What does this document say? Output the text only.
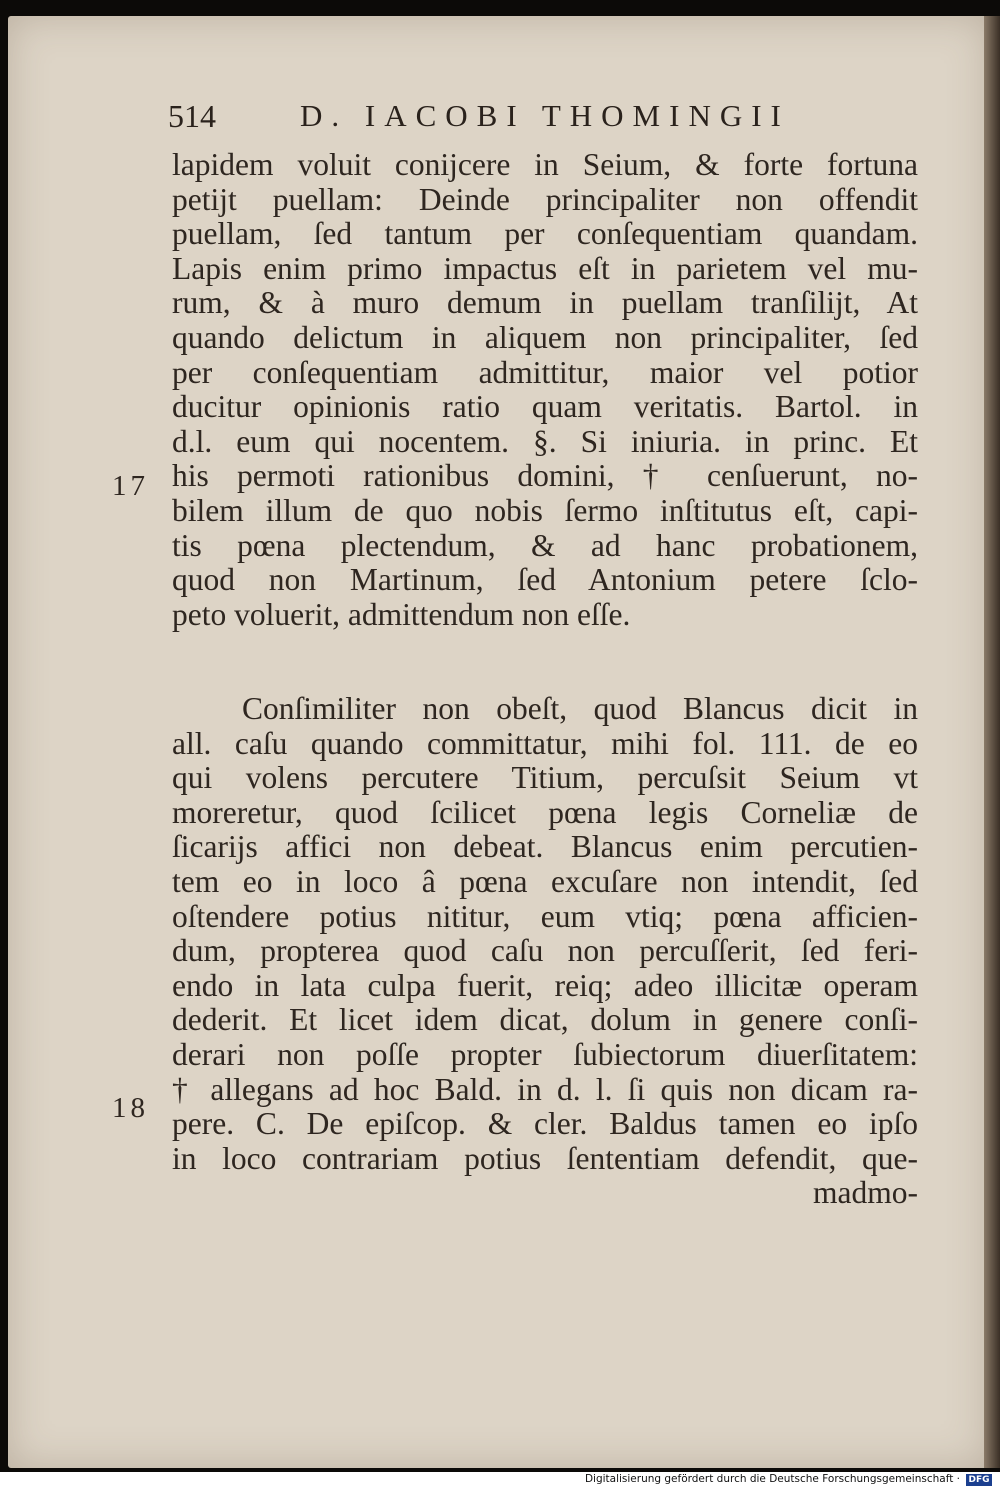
514	D. IACOBI THOMINGII
17
18
lapidem voluit coniјcere in Seium, & forte fortuna
petijt puellam: Deinde principaliter non offendit
puellam, ſed tantum per conſequentiam quandam.
Lapis enim primo impactus eſt in parietem vel mu-
rum, & à muro demum in puellam tranſilijt, At
quando delictum in aliquem non principaliter, ſed
per conſequentiam admittitur, maior vel potior
ducitur opinionis ratio quam veritatis. Bartol. in
d.l. eum qui nocentem. §. Si iniuria. in princ. Et
his permoti rationibus domini, † cenſuerunt, no-
bilem illum de quo nobis ſermo inſtitutus eſt, capi-
tis pœna plectendum, & ad hanc probationem,
quod non Martinum, ſed Antonium petere ſclo-
peto voluerit, admittendum non eſſe.
Conſimiliter non obeſt, quod Blancus dicit in
all. caſu quando committatur, mihi fol. 111. de eo
qui volens percutere Titium, percuſsit Seium vt
moreretur, quod ſcilicet pœna legis Corneliæ de
ſicarijs affici non debeat. Blancus enim percutien-
tem eo in loco â pœna excuſare non intendit, ſed
oſtendere potius nititur, eum vtiq; pœna afficien-
dum, propterea quod caſu non percuſſerit, ſed feri-
endo in lata culpa fuerit, reiq; adeo illicitæ operam
dederit. Et licet idem dicat, dolum in genere conſi-
derari non poſſe propter ſubiectorum diuerſitatem:
† allegans ad hoc Bald. in d. l. ſi quis non dicam ra-
pere. C. De epiſcop. & cler. Baldus tamen eo ipſo
in loco contrariam potius ſententiam defendit, que-
madmo-
Digitalisierung gefördert durch die Deutsche Forschungsgemeinschaft · DFG
